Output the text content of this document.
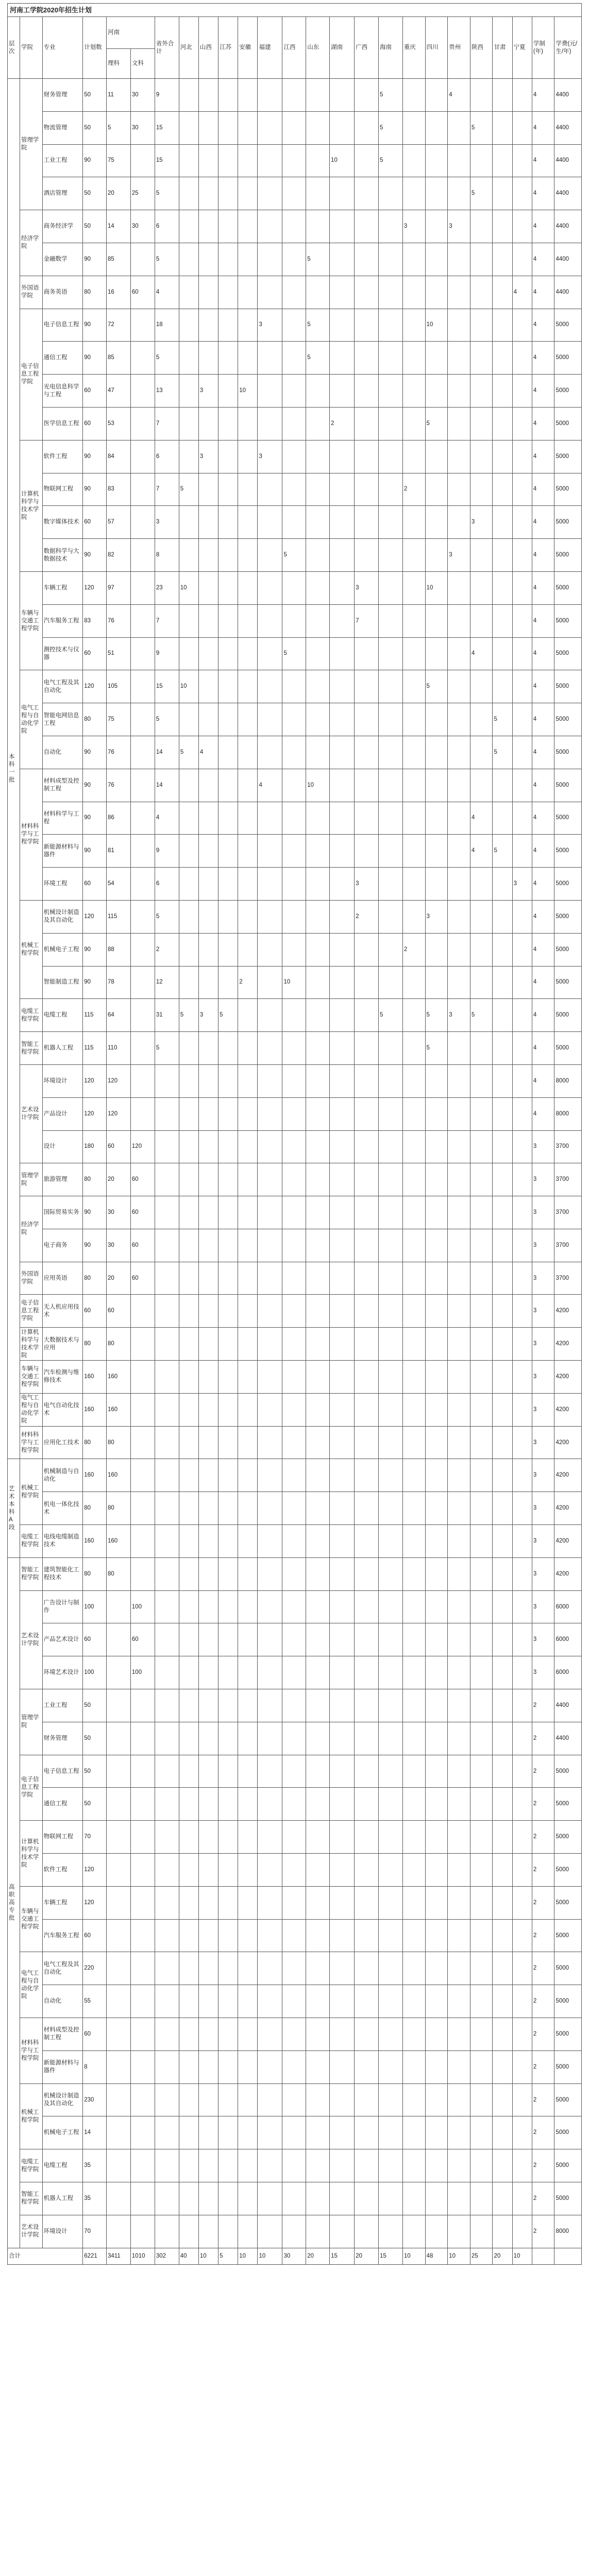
河南工学院2020年招生计划
层次	学院	专业	计划数	河南		省外合计	河北	山西	江苏	安徽	福建	江西	山东	湖南	广西	海南	重庆	四川	贵州	陕西	甘肃	宁夏	学制(年)	学费(元/生/年)
				理科	文科																			
本科一批	管理学院	财务管理	50	11	30	9										5			4				4	4400
		物流管理	50	5	30	15										5				5			4	4400
		工业工程	90	75		15								10		5							4	4400
		酒店管理	50	20	25	5														5			4	4400
	经济学院	商务经济学	50	14	30	6											3		3				4	4400
		金融数学	90	85		5							5										4	4400
	外国语学院	商务英语	80	16	60	4																4	4	4400
	电子信息工程学院	电子信息工程	90	72		18					3		5					10					4	5000
		通信工程	90	85		5							5										4	5000
		光电信息科学与工程	60	47		13		3		10													4	5000
		医学信息工程	60	53		7								2				5					4	5000
	计算机科学与技术学院	软件工程	90	84		6		3			3												4	5000
		物联网工程	90	83		7	5										2						4	5000
		数字媒体技术	60	57		3														3			4	5000
		数据科学与大数据技术	90	82		8						5							3				4	5000
	车辆与交通工程学院	车辆工程	120	97		23	10								3			10					4	5000
		汽车服务工程	83	76		7									7								4	5000
		测控技术与仪器	60	51		9						5								4			4	5000
	电气工程与自动化学院	电气工程及其自动化	120	105		15	10											5					4	5000
		智能电网信息工程	80	75		5															5		4	5000
		自动化	90	76		14	5	4													5		4	5000
	材料科学与工程学院	材料成型及控制工程	90	76		14					4		10										4	5000
		材料科学与工程	90	86		4														4			4	5000
		新能源材料与器件	90	81		9														4	5		4	5000
		环境工程	60	54		6									3							3	4	5000
	机械工程学院	机械设计制造及其自动化	120	115		5									2			3					4	5000
		机械电子工程	90	88		2											2						4	5000
		智能制造工程	90	78		12				2		10											4	5000
	电缆工程学院	电缆工程	115	64		31	5	3	5							5		5	3	5			4	5000
	智能工程学院	机器人工程	115	110		5												5					4	5000
	艺术设计学院	环境设计	120	120																			4	8000
		产品设计	120	120																			4	8000
		设计	180	60	120																		3	3700
	管理学院	旅游管理	80	20	60																		3	3700
	经济学院	国际贸易实务	90	30	60																		3	3700
		电子商务	90	30	60																		3	3700
	外国语学院	应用英语	80	20	60																		3	3700
	电子信息工程学院	无人机应用技术	60	60																			3	4200
	计算机科学与技术学院	大数据技术与应用	80	80																			3	4200
	车辆与交通工程学院	汽车检测与维修技术	160	160																			3	4200
	电气工程与自动化学院	电气自动化技术	160	160																			3	4200
	材料科学与工程学院	应用化工技术	80	80																			3	4200
艺术本科A段	机械工程学院	机械制造与自动化	160	160																			3	4200
		机电一体化技术	80	80																			3	4200
	电缆工程学院	电线电缆制造技术	160	160																			3	4200
高职高专批	智能工程学院	建筑智能化工程技术	80	80																			3	4200
	艺术设计学院	广告设计与制作	100		100																		3	6000
		产品艺术设计	60		60																		3	6000
		环境艺术设计	100		100																		3	6000
	管理学院	工业工程	50																				2	4400
		财务管理	50																				2	4400
	电子信息工程学院	电子信息工程	50																				2	5000
		通信工程	50																				2	5000
	计算机科学与技术学院	物联网工程	70																				2	5000
		软件工程	120																				2	5000
	车辆与交通工程学院	车辆工程	120																				2	5000
		汽车服务工程	60																				2	5000
	电气工程与自动化学院	电气工程及其自动化	220																				2	5000
		自动化	55																				2	5000
	材料科学与工程学院	材料成型及控制工程	60																				2	5000
		新能源材料与器件	8																				2	5000
	机械工程学院	机械设计制造及其自动化	230																				2	5000
		机械电子工程	14																				2	5000
	电缆工程学院	电缆工程	35																				2	5000
	智能工程学院	机器人工程	35																				2	5000
	艺术设计学院	环境设计	70																				2	8000
合计			6221	3411	1010	302	40	10	5	10	10	30	20	15	20	15	10	48	10	25	20	10		
